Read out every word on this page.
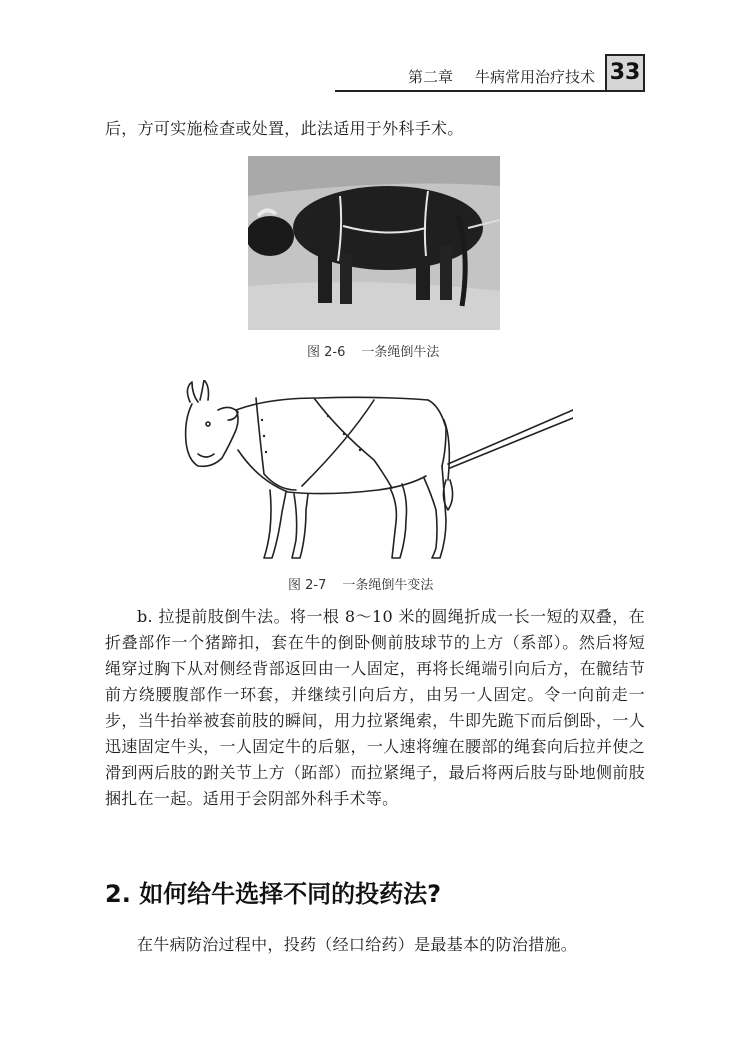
第二章 牛病常用治疗技术 33
后，方可实施检查或处置，此法适用于外科手术。
图 2-6 一条绳倒牛法
图 2-7 一条绳倒牛变法
b. 拉提前肢倒牛法。将一根 8～10 米的圆绳折成一长一短的双叠，在折叠部作一个猪蹄扣，套在牛的倒卧侧前肢球节的上方（系部）。然后将短绳穿过胸下从对侧经背部返回由一人固定，再将长绳端引向后方，在髋结节前方绕腰腹部作一环套，并继续引向后方，由另一人固定。令一向前走一步，当牛抬举被套前肢的瞬间，用力拉紧绳索，牛即先跪下而后倒卧，一人迅速固定牛头，一人固定牛的后躯，一人速将缠在腰部的绳套向后拉并使之滑到两后肢的跗关节上方（跖部）而拉紧绳子，最后将两后肢与卧地侧前肢捆扎在一起。适用于会阴部外科手术等。
2. 如何给牛选择不同的投药法?
在牛病防治过程中，投药（经口给药）是最基本的防治措施。
